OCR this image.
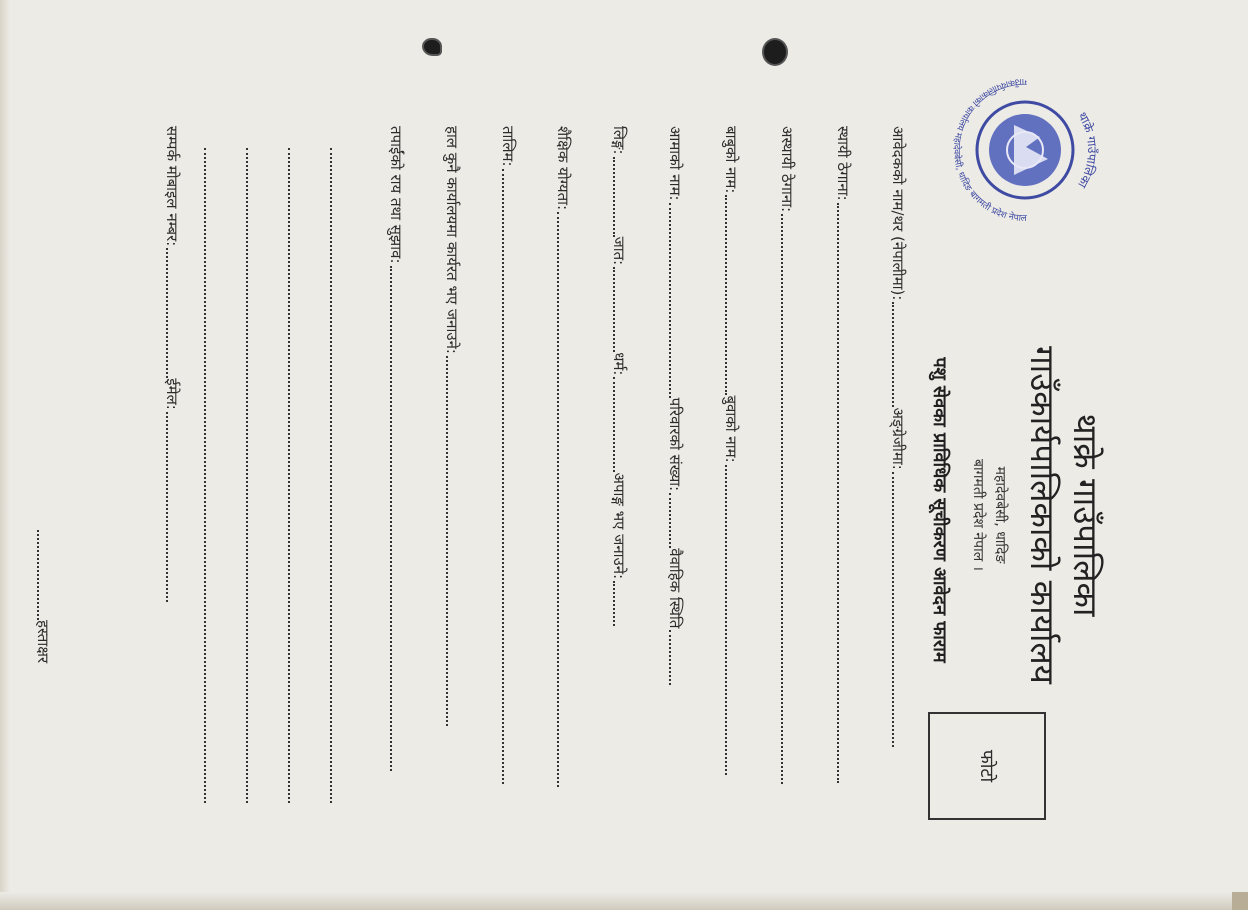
थाक्रे गाउँपालिका
गाउँकार्यपालिकाको कार्यालय महादेवबेसी, धादिङ बागमती प्रदेश नेपाल
थाक्रे गाउँपालिका
गाउँकार्यपालिकाको कार्यालय
महादेवबेसी, धादिङ
बागमती प्रदेश नेपाल ।
पशु सेवका प्राविधिक सूचीकरण आवेदन फाराम
फोटो
आवेदकको नाम/थर (नेपालीमा):
अङ्ग्रेजीमा:
स्थायी ठेगाना:
अस्थायी ठेगाना:
बाबुको नाम:
बुवाको नाम:
आमाको नाम:
परिवारको संख्या:
वैवाहिक स्थिति
लिङ्ग:
जात:
धर्म:
अपाङ्ग भए जनाउने:
शैक्षिक योग्यता:
तालिम:
हाल कुनै कार्यालयमा कार्यरत भए जनाउने:
तपाईंको राय तथा सुझाव:
सम्पर्क मोबाइल नम्बर:
ईमेल:
हस्ताक्षर
